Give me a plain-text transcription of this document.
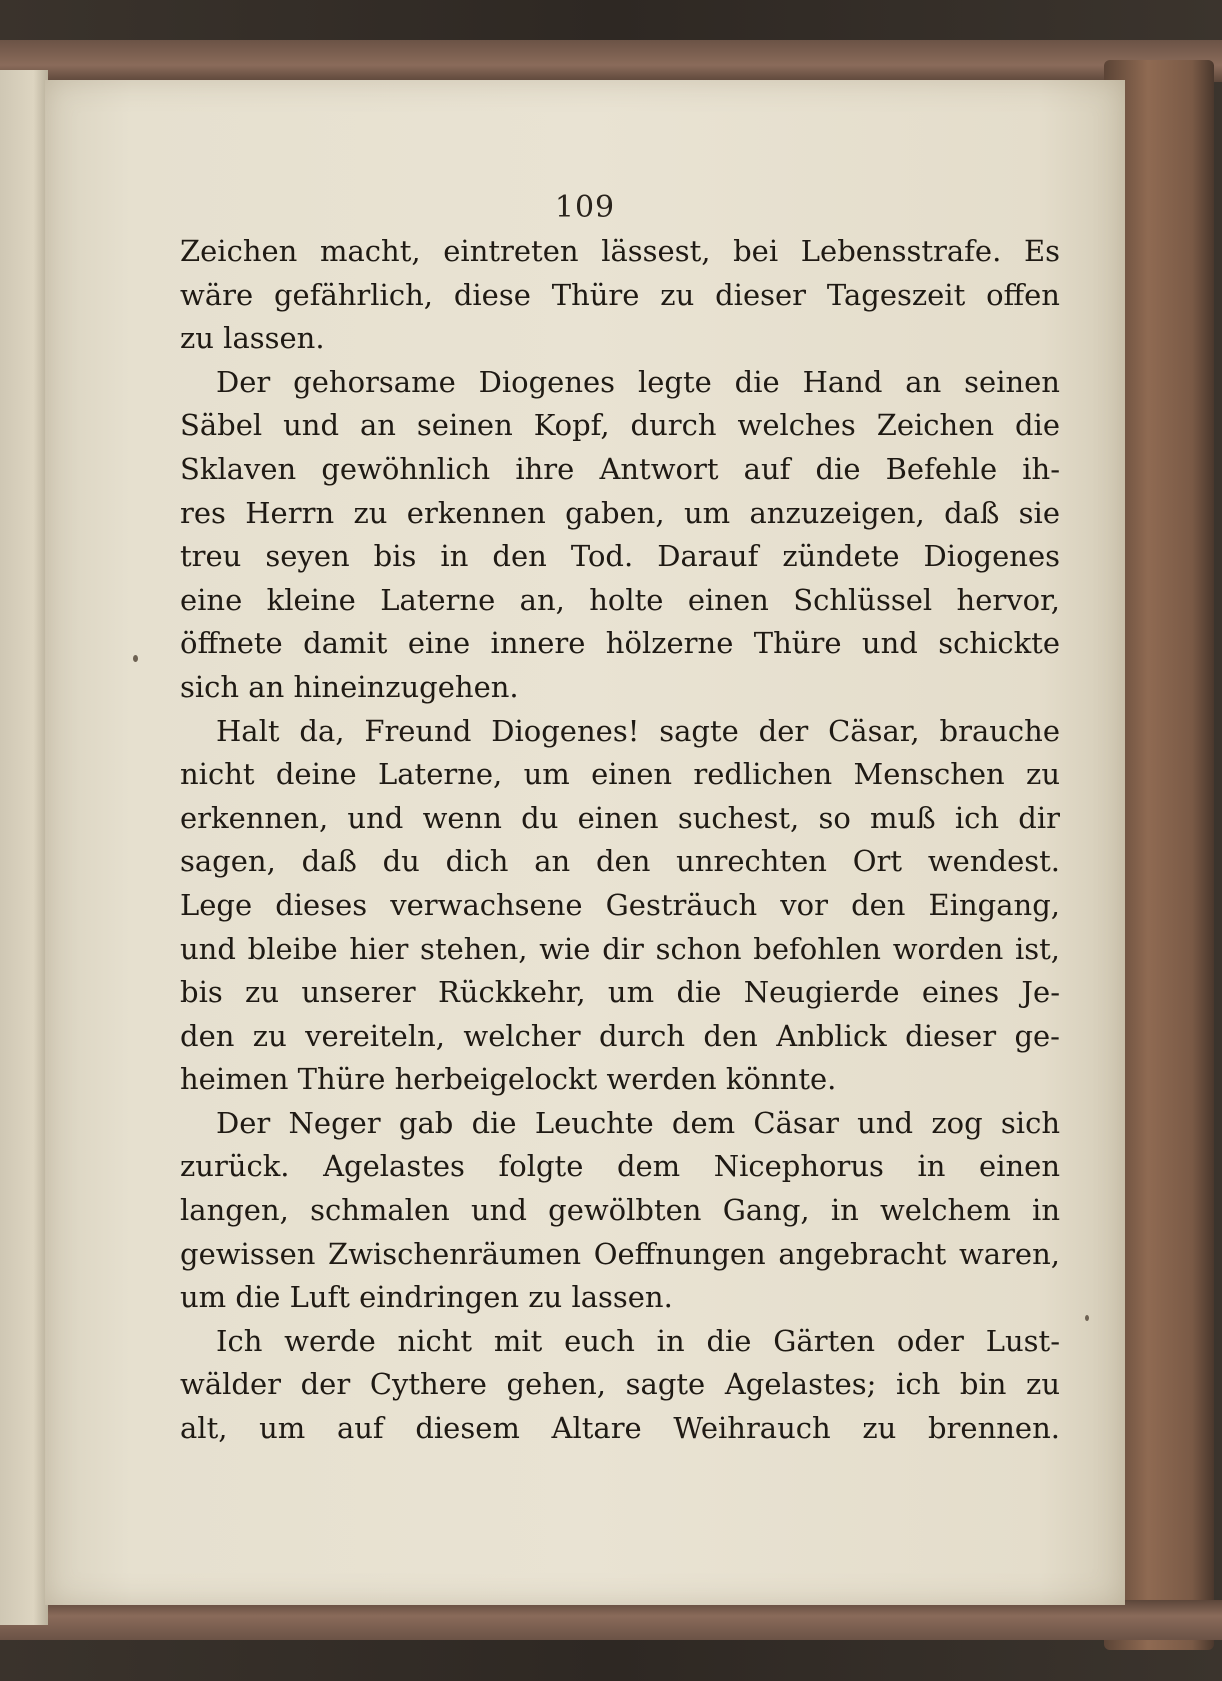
109
Zeichen macht, eintreten lässest, bei Lebensstrafe. Es
wäre gefährlich, diese Thüre zu dieser Tageszeit offen
zu lassen.
Der gehorsame Diogenes legte die Hand an seinen
Säbel und an seinen Kopf, durch welches Zeichen die
Sklaven gewöhnlich ihre Antwort auf die Befehle ih-
res Herrn zu erkennen gaben, um anzuzeigen, daß sie
treu seyen bis in den Tod. Darauf zündete Diogenes
eine kleine Laterne an, holte einen Schlüssel hervor,
öffnete damit eine innere hölzerne Thüre und schickte
sich an hineinzugehen.
Halt da, Freund Diogenes! sagte der Cäsar, brauche
nicht deine Laterne, um einen redlichen Menschen zu
erkennen, und wenn du einen suchest, so muß ich dir
sagen, daß du dich an den unrechten Ort wendest.
Lege dieses verwachsene Gesträuch vor den Eingang,
und bleibe hier stehen, wie dir schon befohlen worden ist,
bis zu unserer Rückkehr, um die Neugierde eines Je-
den zu vereiteln, welcher durch den Anblick dieser ge-
heimen Thüre herbeigelockt werden könnte.
Der Neger gab die Leuchte dem Cäsar und zog sich
zurück. Agelastes folgte dem Nicephorus in einen
langen, schmalen und gewölbten Gang, in welchem in
gewissen Zwischenräumen Oeffnungen angebracht waren,
um die Luft eindringen zu lassen.
Ich werde nicht mit euch in die Gärten oder Lust-
wälder der Cythere gehen, sagte Agelastes; ich bin zu
alt, um auf diesem Altare Weihrauch zu brennen.
